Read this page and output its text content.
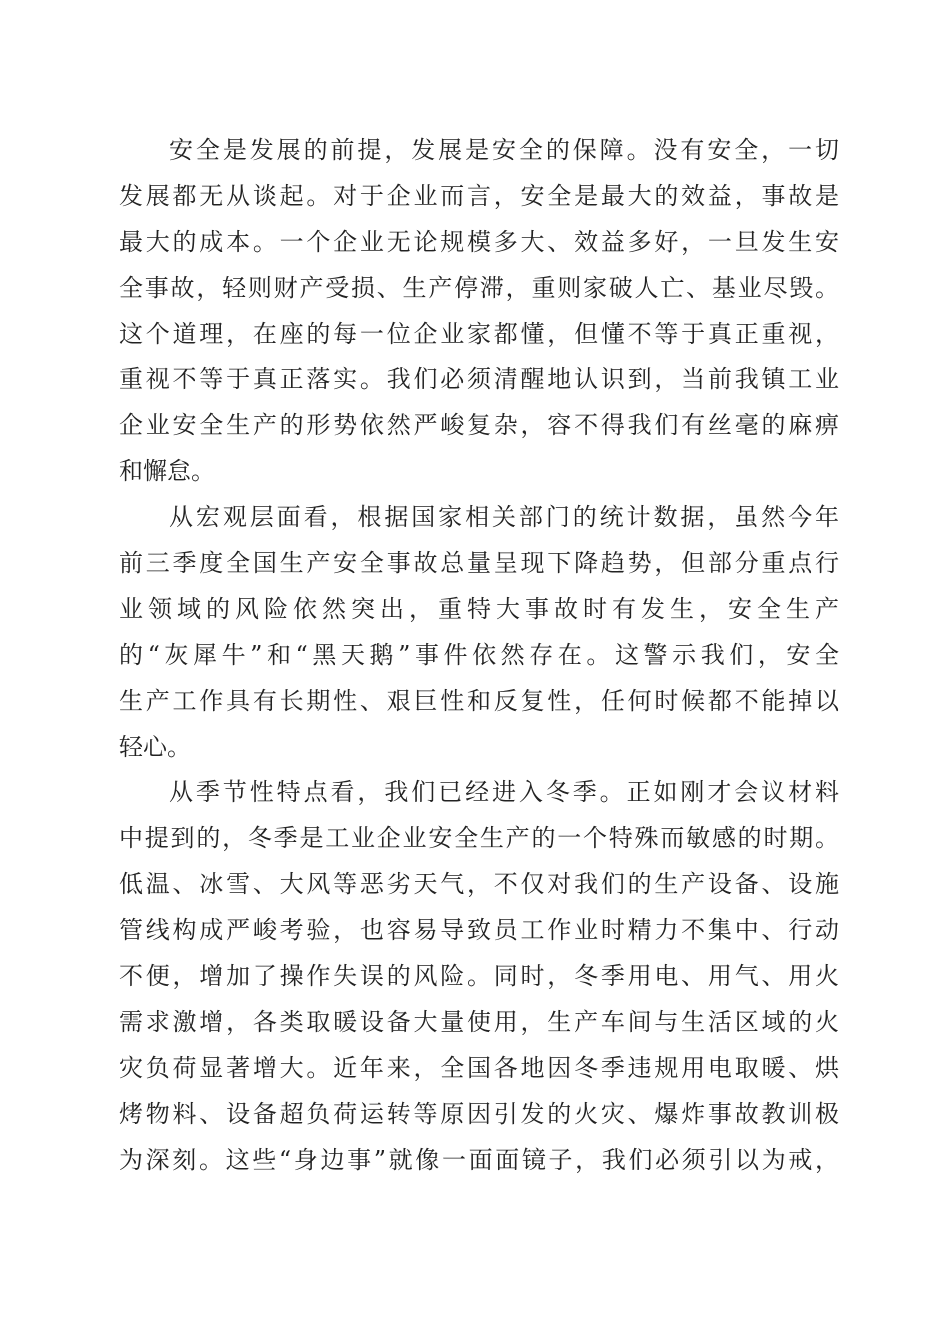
安全是发展的前提，发展是安全的保障。没有安全，一切
发展都无从谈起。对于企业而言，安全是最大的效益，事故是
最大的成本。一个企业无论规模多大、效益多好，一旦发生安
全事故，轻则财产受损、生产停滞，重则家破人亡、基业尽毁。
这个道理，在座的每一位企业家都懂，但懂不等于真正重视，
重视不等于真正落实。我们必须清醒地认识到，当前我镇工业
企业安全生产的形势依然严峻复杂，容不得我们有丝毫的麻痹
和懈怠。
从宏观层面看，根据国家相关部门的统计数据，虽然今年
前三季度全国生产安全事故总量呈现下降趋势，但部分重点行
业领域的风险依然突出，重特大事故时有发生，安全生产
的“灰犀牛”和“黑天鹅”事件依然存在。这警示我们，安全
生产工作具有长期性、艰巨性和反复性，任何时候都不能掉以
轻心。
从季节性特点看，我们已经进入冬季。正如刚才会议材料
中提到的，冬季是工业企业安全生产的一个特殊而敏感的时期。
低温、冰雪、大风等恶劣天气，不仅对我们的生产设备、设施
管线构成严峻考验，也容易导致员工作业时精力不集中、行动
不便，增加了操作失误的风险。同时，冬季用电、用气、用火
需求激增，各类取暖设备大量使用，生产车间与生活区域的火
灾负荷显著增大。近年来，全国各地因冬季违规用电取暖、烘
烤物料、设备超负荷运转等原因引发的火灾、爆炸事故教训极
为深刻。这些“身边事”就像一面面镜子，我们必须引以为戒，
